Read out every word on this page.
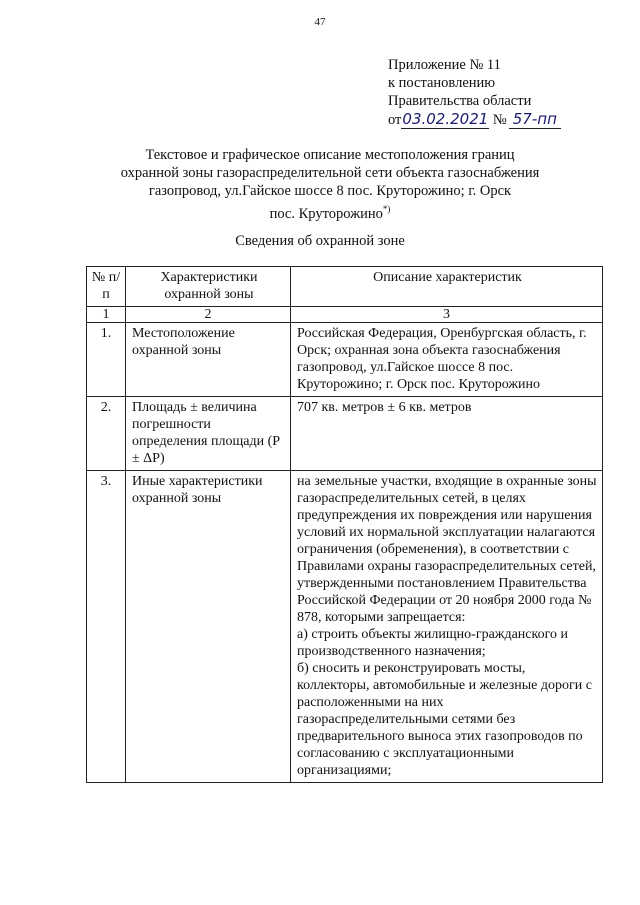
47
Приложение № 11
к постановлению
Правительства области
от03.02.2021 № 57-пп
Текстовое и графическое описание местоположения границ
охранной зоны газораспределительной сети объекта газоснабжения
газопровод, ул.Гайское шоссе 8 пос. Круторожино; г. Орск
пос. Круторожино*)
Сведения об охранной зоне
№ п/п	Характеристики охранной зоны	Описание характеристик
1	2	3
1.	Местоположение охранной зоны	Российская Федерация, Оренбургская область, г. Орск; охранная зона объекта газоснабжения газопровод, ул.Гайское шоссе 8 пос. Круторожино; г. Орск пос. Круторожино
2.	Площадь ± величина погрешности определения площади (P ± ΔP)	707 кв. метров ± 6 кв. метров
3.	Иные характеристики охранной зоны	на земельные участки, входящие в охранные зоны газораспределительных сетей, в целях предупреждения их повреждения или нарушения условий их нормальной эксплуатации налагаются ограничения (обременения), в соответствии с Правилами охраны газораспределительных сетей, утвержденными постановлением Правительства Российской Федерации от 20 ноября 2000 года № 878, которыми запрещается:
а) строить объекты жилищно-гражданского и производственного назначения;
б) сносить и реконструировать мосты, коллекторы, автомобильные и железные дороги с расположенными на них газораспределительными сетями без предварительного выноса этих газопроводов по согласованию с эксплуатационными организациями;
